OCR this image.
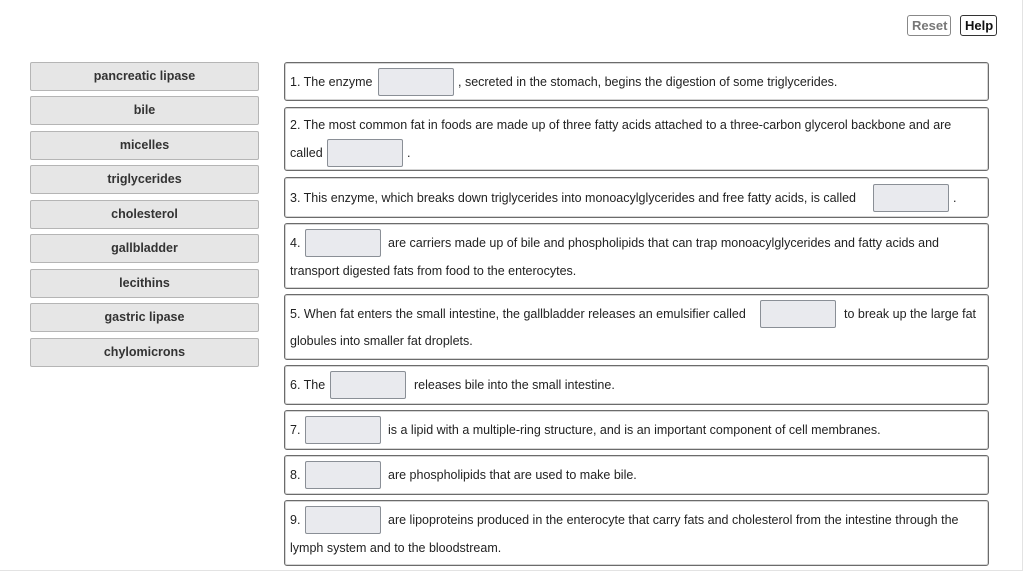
Reset	Help
pancreatic lipase
bile
micelles
triglycerides
cholesterol
gallbladder
lecithins
gastric lipase
chylomicrons
1. The enzyme	, secreted in the stomach, begins the digestion of some triglycerides.
2. The most common fat in foods are made up of three fatty acids attached to a three-carbon glycerol backbone and are
called	.
3. This enzyme, which breaks down triglycerides into monoacylglycerides and free fatty acids, is called	.
4.	are carriers made up of bile and phospholipids that can trap monoacylglycerides and fatty acids and
transport digested fats from food to the enterocytes.
5. When fat enters the small intestine, the gallbladder releases an emulsifier called	to break up the large fat
globules into smaller fat droplets.
6. The	releases bile into the small intestine.
7.	is a lipid with a multiple-ring structure, and is an important component of cell membranes.
8.	are phospholipids that are used to make bile.
9.	are lipoproteins produced in the enterocyte that carry fats and cholesterol from the intestine through the
lymph system and to the bloodstream.
